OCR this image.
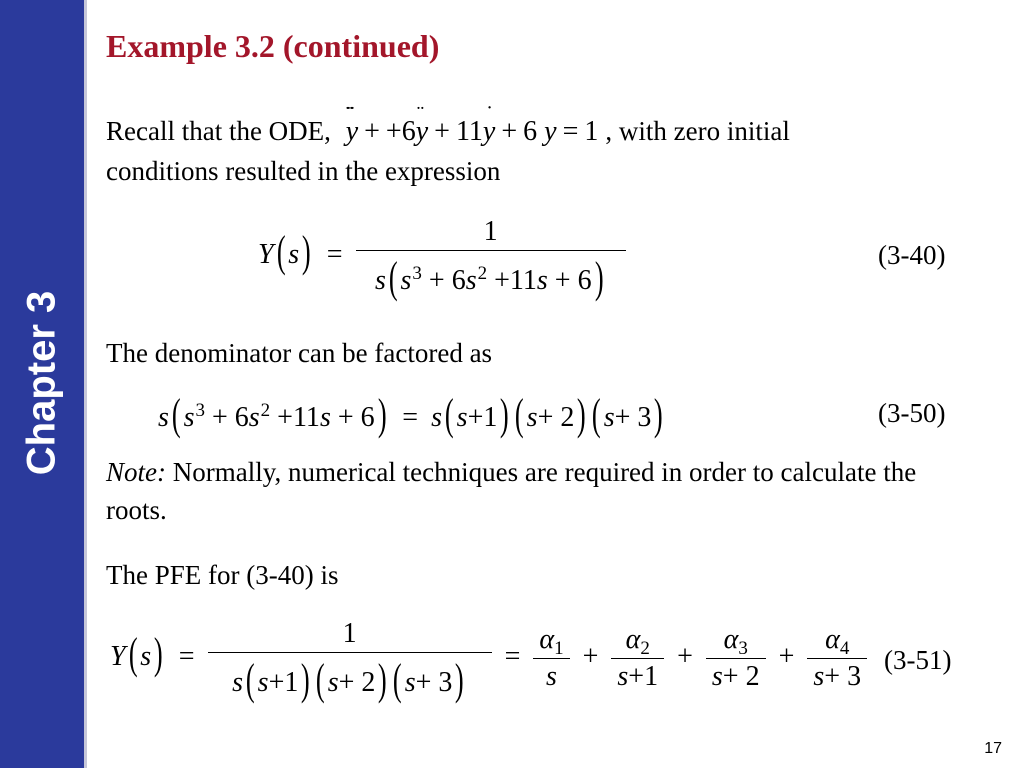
Chapter 3
Example 3.2 (continued)
Recall that the ODE, ¨¨ y + +6¨ y + 11˙ y + 6 y = 1 , with zero initial
conditions resulted in the expression
Y( $s) = \frac{1}{s( s^3 + 6s^2 +11s + 6)}$	(3-40)
The denominator can be factored as
s( $s^3 + 6s^2 +11s + 6) = s$( s+1) ( s+ 2) ( s+ 3)	(3-50)
Note: Normally, numerical techniques are required in order to calculate the roots.
The PFE for (3-40) is
Y( $s) = \frac{1}{s( s+1) ( s+ 2) ( s+ 3)} = \frac{\alpha_1}{s} + \frac{\alpha_2}{s+1} + \frac{\alpha_3}{s+ 2} + \frac{\alpha_4}{s+ 3} (3-51)$
17
